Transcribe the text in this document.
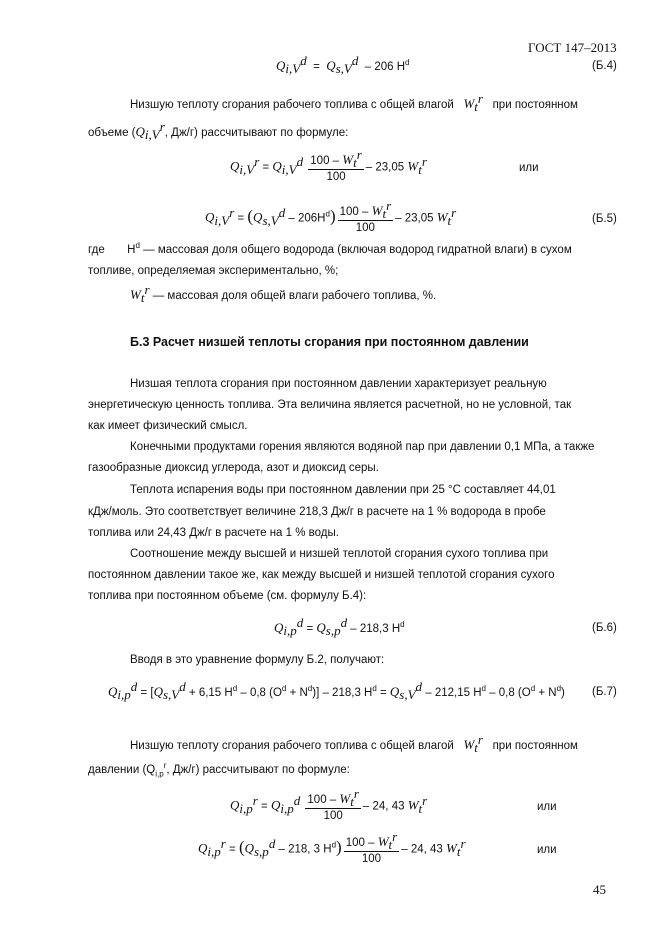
ГОСТ 147–2013
$Q_{i,V}^d = Q_{s,V}^d - 206$ $H^d$	(Б.4)
Низшую теплоту сгорания рабочего топлива с общей влагой $W_t^r$ при постоянном
объеме ($Q_{i,V}^r$, Дж/г) рассчитывают по формуле:
$Q_{i,V}^r = Q_{i,V}^d \frac{100 - W_t^r}{100} - 23,05$ $W_t^r$	или
$Q_{i,V}^r = (Q_{s,V}^d - 206H^d) \frac{100 - W_t^r}{100} - 23,05$ $W_t^r$	(Б.5)
где       $H^d$ — массовая доля общего водорода (включая водород гидратной влаги) в сухом
топливе, определяемая экспериментально, %;
$W_t^r$ — массовая доля общей влаги рабочего топлива, %.
Б.3 Расчет низшей теплоты сгорания при постоянном давлении
Низшая теплота сгорания при постоянном давлении характеризует реальную
энергетическую ценность топлива. Эта величина является расчетной, но не условной, так
как имеет физический смысл.
Конечными продуктами горения являются водяной пар при давлении 0,1 МПа, а также
газообразные диоксид углерода, азот и диоксид серы.
Теплота испарения воды при постоянном давлении при 25 °С составляет 44,01
кДж/моль. Это соответствует величине 218,3 Дж/г в расчете на 1 % водорода в пробе
топлива или 24,43 Дж/г в расчете на 1 % воды.
Соотношение между высшей и низшей теплотой сгорания сухого топлива при
постоянном давлении такое же, как между высшей и низшей теплотой сгорания сухого
топлива при постоянном объеме (см. формулу Б.4):
$Q_{i,p}^d = Q_{s,p}^d - 218,3$ $H^d$	(Б.6)
Вводя в это уравнение формулу Б.2, получают:
$Q_{i,p}^d = [Q_{s,V}^d + 6,15$ $H^d - 0,8$ $(O^d + N^d)] - 218,3$ $H^d = Q_{s,V}^d - 212,15$ $H^d - 0,8$ $(O^d + N^d)$ (Б.7)
Низшую теплоту сгорания рабочего топлива с общей влагой $W_t^r$ при постоянном
давлении ($Q_{i,p}^r$, Дж/г) рассчитывают по формуле:
$Q_{i,p}^r = Q_{i,p}^d \frac{100 - W_t^r}{100} - 24$, 43 $W_t^r$	или
$Q_{i,p}^r = (Q_{s,p}^d - 218$, 3 $H^d) \frac{100 - W_t^r}{100} - 24$, 43 $W_t^r$	или
45
